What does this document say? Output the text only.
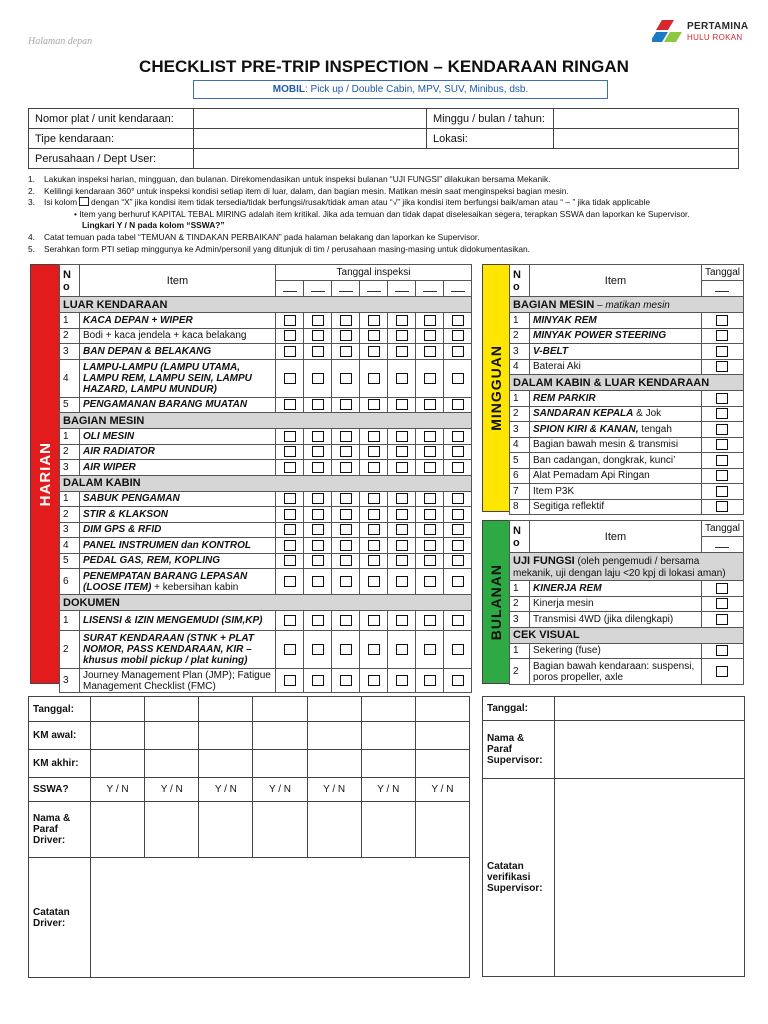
Halaman depan
PERTAMINA
HULU ROKAN
CHECKLIST PRE-TRIP INSPECTION – KENDARAAN RINGAN
MOBIL: Pick up / Double Cabin, MPV, SUV, Minibus, dsb.
Nomor plat / unit kendaraan:		Minggu / bulan / tahun:	
Tipe kendaraan:		Lokasi:	
Perusahaan / Dept User:			
1.	Lakukan inspeksi harian, mingguan, dan bulanan. Direkomendasikan untuk inspeksi bulanan “UJI FUNGSI” dilakukan bersama Mekanik.
2.	Kelilingi kendaraan 360° untuk inspeksi kondisi setiap item di luar, dalam, dan bagian mesin. Matikan mesin saat menginspeksi bagian mesin.
3.	Isi kolom dengan “X” jika kondisi item tidak tersedia/tidak berfungsi/rusak/tidak aman atau “√” jika kondisi item berfungsi baik/aman atau “ – ” jika tidak applicable
• Item yang berhuruf KAPITAL TEBAL MIRING adalah item kritikal. Jika ada temuan dan tidak dapat diselesaikan segera, terapkan SSWA dan laporkan ke Supervisor.
Lingkari Y / N pada kolom “SSWA?”
4.	Catat temuan pada tabel “TEMUAN & TINDAKAN PERBAIKAN” pada halaman belakang dan laporkan ke Supervisor.
5.	Serahkan form PTI setiap minggunya ke Admin/personil yang ditunjuk di tim / perusahaan masing-masing untuk didokumentasikan.
HARIAN
N o	Item	Tanggal inspeksi						

LUAR KENDARAAN								
1	KACA DEPAN + WIPER	

2	Bodi + kaca jendela + kaca belakang	

3	BAN DEPAN & BELAKANG	

4	LAMPU-LAMPU (LAMPU UTAMA, LAMPU REM, LAMPU SEIN, LAMPU HAZARD, LAMPU MUNDUR)	

5	PENGAMANAN BARANG MUATAN	

BAGIAN MESIN								
1	OLI MESIN	

2	AIR RADIATOR	

3	AIR WIPER	

DALAM KABIN								
1	SABUK PENGAMAN	

2	STIR & KLAKSON	

3	DIM GPS & RFID	

4	PANEL INSTRUMEN dan KONTROL	

5	PEDAL GAS, REM, KOPLING	

6	PENEMPATAN BARANG LEPASAN (LOOSE ITEM) + kebersihan kabin	

DOKUMEN								
1	LISENSI & IZIN MENGEMUDI (SIM,KP)	

2	SURAT KENDARAAN (STNK + PLAT NOMOR, PASS KENDARAAN, KIR – khusus mobil pickup / plat kuning)	

3	Journey Management Plan (JMP); Fatigue Management Checklist (FMC)	

MINGGUAN
N o	Item	Tanggal

BAGIAN MESIN – matikan mesin		
1	MINYAK REM	

2	MINYAK POWER STEERING	

3	V-BELT	

4	Baterai Aki	

DALAM KABIN & LUAR KENDARAAN		
1	REM PARKIR	

2	SANDARAN KEPALA & Jok	

3	SPION KIRI & KANAN, tengah	

4	Bagian bawah mesin & transmisi	

5	Ban cadangan, dongkrak, kunci’	

6	Alat Pemadam Api Ringan	

7	Item P3K	

8	Segitiga reflektif	
BULANAN
N o	Item	Tanggal

UJI FUNGSI (oleh pengemudi / bersama mekanik, uji dengan laju <20 kpj di lokasi aman)		
1	KINERJA REM	

2	Kinerja mesin	

3	Transmisi 4WD (jika dilengkapi)	

CEK VISUAL		
1	Sekering (fuse)	

2	Bagian bawah kendaraan: suspensi, poros propeller, axle	
Tanggal:							
KM awal:							
KM akhir:							
SSWA?	Y / N	Y / N	Y / N	Y / N	Y / N	Y / N	Y / N
Nama & Paraf Driver:							
Catatan Driver:							
Tanggal:	
Nama & Paraf Supervisor:	
Catatan verifikasi Supervisor:	
